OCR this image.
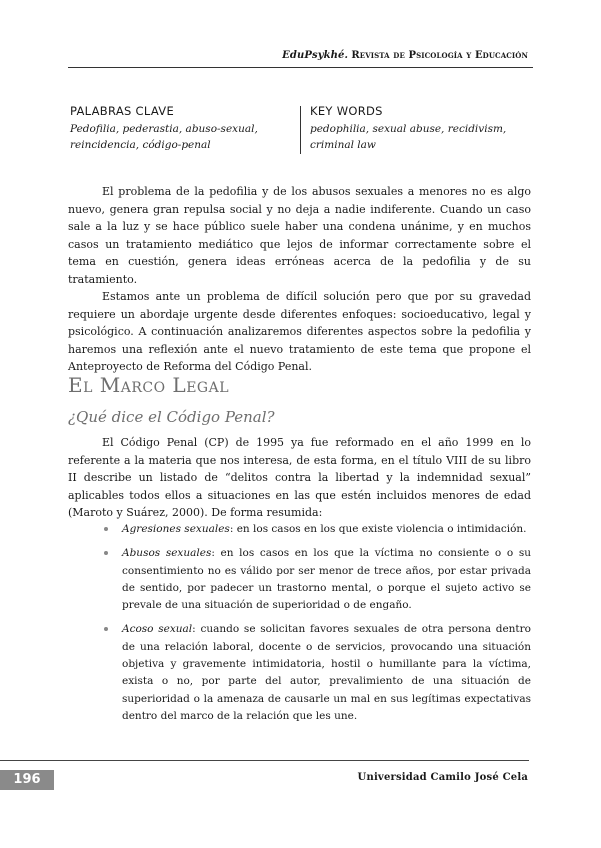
EduPsykhé. Revista de Psicología y Educación
PALABRAS CLAVE
Pedofilia, pederastia, abuso-sexual, reincidencia, código-penal
KEY WORDS
pedophilia, sexual abuse, recidivism, criminal law

El problema de la pedofilia y de los abusos sexuales a menores no es algo nuevo, genera gran repulsa social y no deja a nadie indiferente. Cuando un caso sale a la luz y se hace público suele haber una condena unánime, y en muchos casos un tratamiento mediático que lejos de informar correctamente sobre el tema en cuestión, genera ideas erróneas acerca de la pedofilia y de su tratamiento.

Estamos ante un problema de difícil solución pero que por su gravedad requiere un abordaje urgente desde diferentes enfoques: socioeducativo, legal y psicológico. A continuación analizaremos diferentes aspectos sobre la pedofilia y haremos una reflexión ante el nuevo tratamiento de este tema que propone el Anteproyecto de Reforma del Código Penal.

El Marco Legal
¿Qué dice el Código Penal?

El Código Penal (CP) de 1995 ya fue reformado en el año 1999 en lo referente a la materia que nos interesa, de esta forma, en el título VIII de su libro II describe un listado de “delitos contra la libertad y la indemnidad sexual” aplicables todos ellos a situaciones en las que estén incluidos menores de edad (Maroto y Suárez, 2000). De forma resumida:

Agresiones sexuales: en los casos en los que existe violencia o intimidación.
Abusos sexuales: en los casos en los que la víctima no consiente o o su consentimiento no es válido por ser menor de trece años, por estar privada de sentido, por padecer un trastorno mental, o porque el sujeto activo se prevale de una situación de superioridad o de engaño.
Acoso sexual: cuando se solicitan favores sexuales de otra persona dentro de una relación laboral, docente o de servicios, provocando una situación objetiva y gravemente intimidatoria, hostil o humillante para la víctima, exista o no, por parte del autor, prevalimiento de una situación de superioridad o la amenaza de causarle un mal en sus legítimas expectativas dentro del marco de la relación que les une.
196	Universidad Camilo José Cela
